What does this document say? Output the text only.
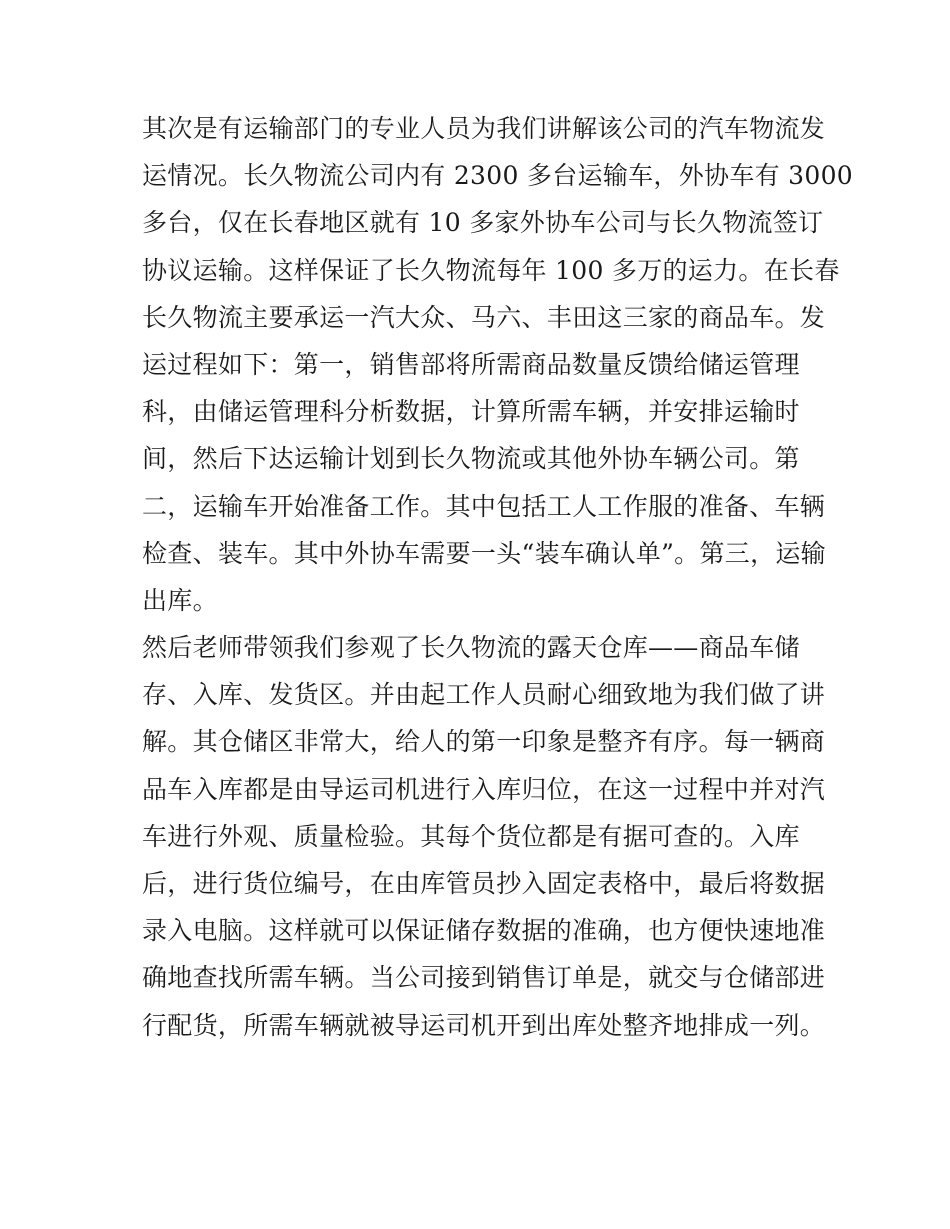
其次是有运输部门的专业人员为我们讲解该公司的汽车物流发
运情况。长久物流公司内有 2300 多台运输车，外协车有 3000
多台，仅在长春地区就有 10 多家外协车公司与长久物流签订
协议运输。这样保证了长久物流每年 100 多万的运力。在长春
长久物流主要承运一汽大众、马六、丰田这三家的商品车。发
运过程如下：第一，销售部将所需商品数量反馈给储运管理
科，由储运管理科分析数据，计算所需车辆，并安排运输时
间，然后下达运输计划到长久物流或其他外协车辆公司。第
二，运输车开始准备工作。其中包括工人工作服的准备、车辆
检查、装车。其中外协车需要一头“装车确认单”。第三，运输
出库。
然后老师带领我们参观了长久物流的露天仓库——商品车储
存、入库、发货区。并由起工作人员耐心细致地为我们做了讲
解。其仓储区非常大，给人的第一印象是整齐有序。每一辆商
品车入库都是由导运司机进行入库归位，在这一过程中并对汽
车进行外观、质量检验。其每个货位都是有据可查的。入库
后，进行货位编号，在由库管员抄入固定表格中，最后将数据
录入电脑。这样就可以保证储存数据的准确，也方便快速地准
确地查找所需车辆。当公司接到销售订单是，就交与仓储部进
行配货，所需车辆就被导运司机开到出库处整齐地排成一列。
